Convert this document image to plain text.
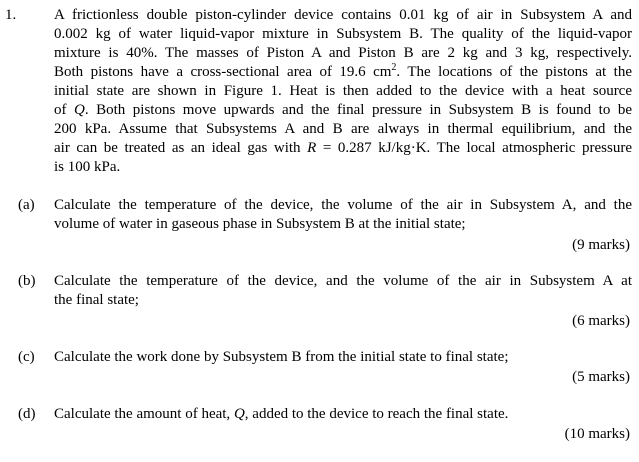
1.	A frictionless double piston-cylinder device contains 0.01 kg of air in Subsystem A and
0.002 kg of water liquid-vapor mixture in Subsystem B. The quality of the liquid-vapor
mixture is 40%. The masses of Piston A and Piston B are 2 kg and 3 kg, respectively.
Both pistons have a cross-sectional area of 19.6 $cm^2$. The locations of the pistons at the
initial state are shown in Figure 1. Heat is then added to the device with a heat source
of Q. Both pistons move upwards and the final pressure in Subsystem B is found to be
200 kPa. Assume that Subsystems A and B are always in thermal equilibrium, and the
air can be treated as an ideal gas with R = 0.287 kJ/kg·K. The local atmospheric pressure
is 100 kPa.
(a) Calculate the temperature of the device, the volume of the air in Subsystem A, and the
volume of water in gaseous phase in Subsystem B at the initial state;
(9 marks)
(b) Calculate the temperature of the device, and the volume of the air in Subsystem A at
the final state;
(6 marks)
(c) Calculate the work done by Subsystem B from the initial state to final state;
(5 marks)
(d) Calculate the amount of heat, Q, added to the device to reach the final state.
(10 marks)
